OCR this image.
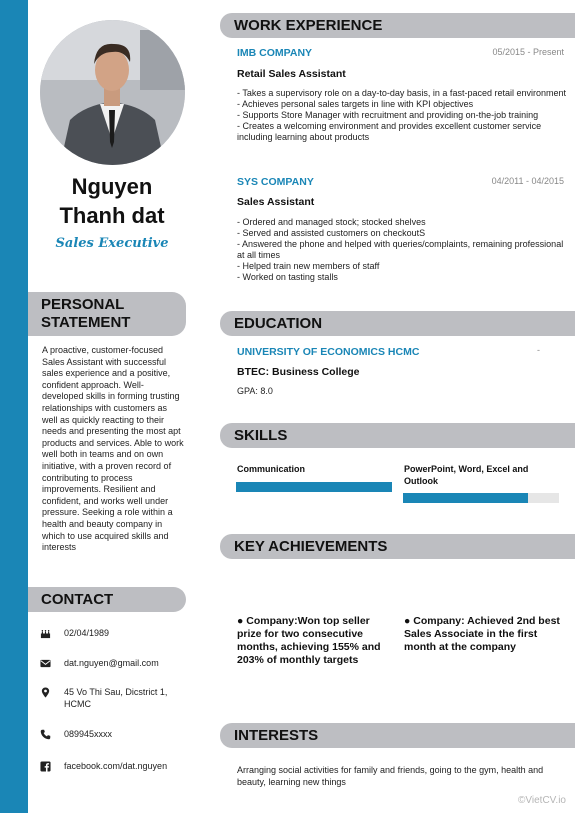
Nguyen
Thanh dat
Sales Executive
PERSONAL
STATEMENT
A proactive, customer-focused Sales Assistant with successful sales experience and a positive, confident approach. Well-developed skills in forming trusting relationships with customers as well as quickly reacting to their needs and presenting the most apt products and services. Able to work well both in teams and on own initiative, with a proven record of contributing to process improvements. Resilient and confident, and works well under pressure. Seeking a role within a health and beauty company in which to use acquired skills and interests
CONTACT
02/04/1989
dat.nguyen@gmail.com
45 Vo Thi Sau, Dicstrict 1, HCMC
089945xxxx
facebook.com/dat.nguyen
WORK EXPERIENCE
IMB COMPANY	05/2015 - Present
Retail Sales Assistant
- Takes a supervisory role on a day-to-day basis, in a fast-paced retail environment
- Achieves personal sales targets in line with KPI objectives
- Supports Store Manager with recruitment and providing on-the-job training
- Creates a welcoming environment and provides excellent customer service including learning about products
SYS COMPANY	04/2011 - 04/2015
Sales Assistant
- Ordered and managed stock; stocked shelves
- Served and assisted customers on checkoutS
- Answered the phone and helped with queries/complaints, remaining professional at all times
- Helped train new members of staff
- Worked on tasting stalls
EDUCATION
UNIVERSITY OF ECONOMICS HCMC	-
BTEC: Business College
GPA: 8.0
SKILLS
Communication	PowerPoint, Word, Excel and Outlook
KEY ACHIEVEMENTS
● Company:Won top seller prize for two consecutive months, achieving 155% and 203% of monthly targets
● Company: Achieved 2nd best Sales Associate in the first month at the company
INTERESTS
Arranging social activities for family and friends, going to the gym, health and beauty, learning new things
©VietCV.io
